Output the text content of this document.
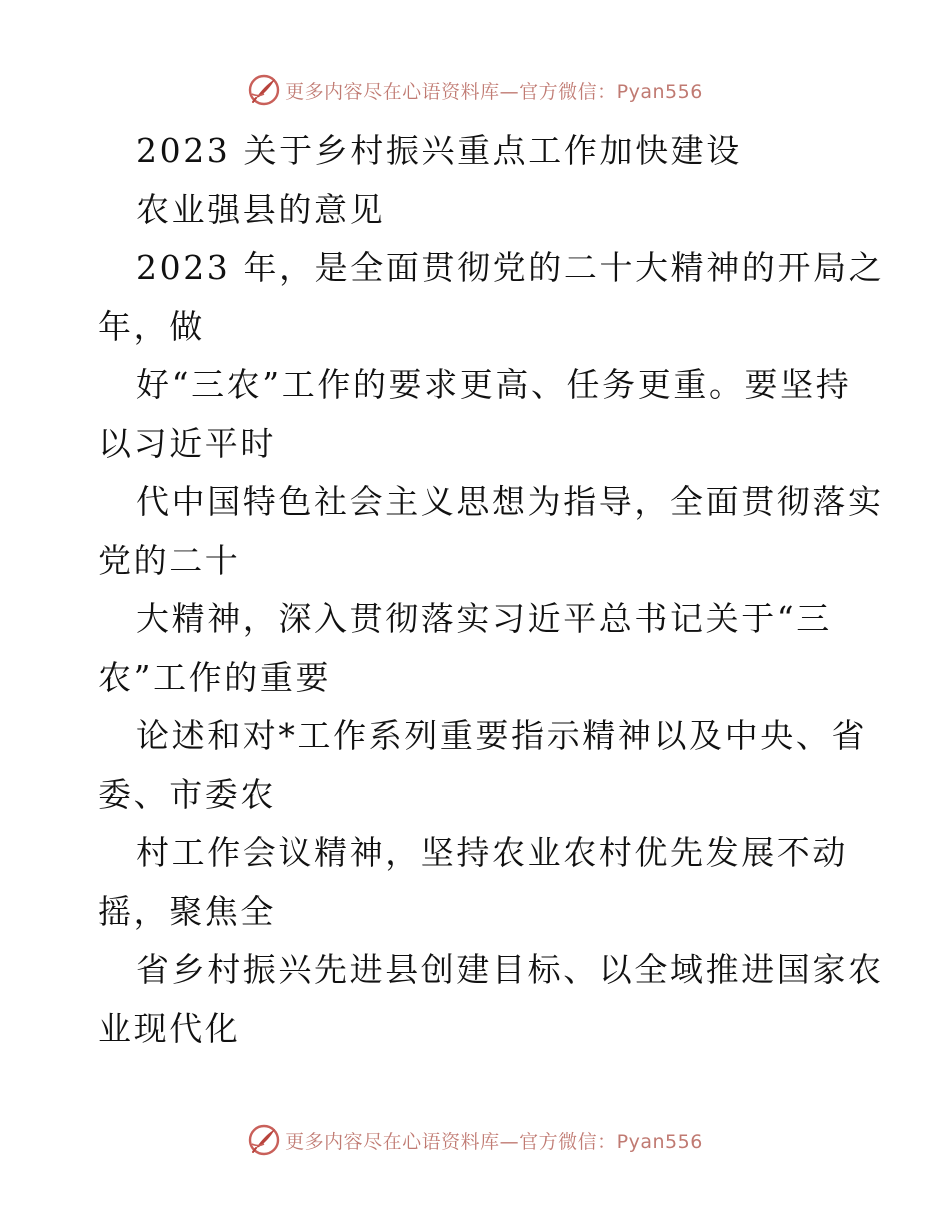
更多内容尽在心语资料库—官方微信：Pyan556
2023 关于乡村振兴重点工作加快建设
农业强县的意见
2023 年，是全面贯彻党的二十大精神的开局之
年，做
好“三农”工作的要求更高、任务更重。要坚持
以习近平时
代中国特色社会主义思想为指导，全面贯彻落实
党的二十
大精神，深入贯彻落实习近平总书记关于“三
农”工作的重要
论述和对*工作系列重要指示精神以及中央、省
委、市委农
村工作会议精神，坚持农业农村优先发展不动
摇，聚焦全
省乡村振兴先进县创建目标、以全域推进国家农
业现代化
更多内容尽在心语资料库—官方微信：Pyan556
